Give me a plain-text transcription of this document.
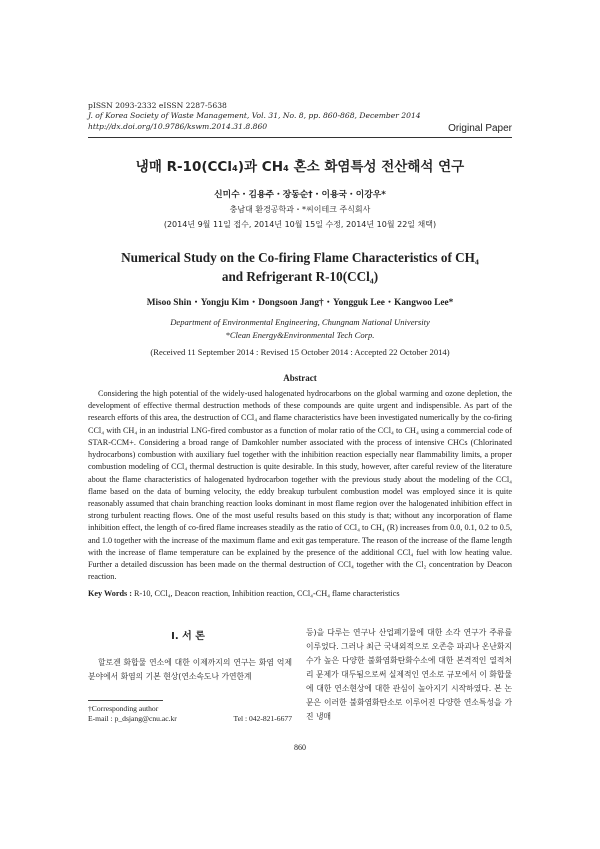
pISSN 2093-2332 eISSN 2287-5638
J. of Korea Society of Waste Management, Vol. 31, No. 8, pp. 860-868, December 2014
http://dx.doi.org/10.9786/kswm.2014.31.8.860	Original Paper
냉매 R-10(CCl₄)과 CH₄ 혼소 화염특성 전산해석 연구
신미수・김용주・장동순†・이용국・이강우*
충남대 환경공학과・*씨이테크 주식회사
(2014년 9월 11일 접수, 2014년 10월 15일 수정, 2014년 10월 22일 채택)
Numerical Study on the Co-firing Flame Characteristics of CH₄
and Refrigerant R-10(CCl₄)
Misoo Shin・Yongju Kim・Dongsoon Jang†・Yongguk Lee・Kangwoo Lee*
Department of Environmental Engineering, Chungnam National University
*Clean Energy&Environmental Tech Corp.
(Received 11 September 2014 : Revised 15 October 2014 : Accepted 22 October 2014)
Abstract

Considering the high potential of the widely-used halogenated hydrocarbons on the global warming and ozone depletion, the development of effective thermal destruction methods of these compounds are quite urgent and indispensible. As part of the research efforts of this area, the destruction of CCl₄ and flame characteristics have been investigated numerically by the co-firing CCl₄ with CH₄ in an industrial LNG-fired combustor as a function of molar ratio of the CCl₄ to CH₄ using a commercial code of STAR-CCM+. Considering a broad range of Damkohler number associated with the process of intensive CHCs (Chlorinated hydrocarbons) combustion with auxiliary fuel together with the inhibition reaction especially near flammability limits, a proper combustion modeling of CCl₄ thermal destruction is quite desirable. In this study, however, after careful review of the literature about the flame characteristics of halogenated hydrocarbon together with the previous study about the modeling of the CCl₄ flame based on the data of burning velocity, the eddy breakup turbulent combustion model was employed since it is quite reasonably assumed that chain branching reaction looks dominant in most flame region over the halogenated inhibition effect in strong turbulent reacting flows. One of the most useful results based on this study is that; without any incorporation of flame inhibition effect, the length of co-fired flame increases steadily as the ratio of CCl₄ to CH₄ (R) increases from 0.0, 0.1, 0.2 to 0.5, and 1.0 together with the increase of the maximum flame and exit gas temperature. The reason of the increase of the flame length with the increase of flame temperature can be explained by the presence of the additional CCl₄ fuel with low heating value. Further a detailed discussion has been made on the thermal destruction of CCl₄ together with the Cl₂ concentration by Deacon reaction.

Key Words : R-10, CCl₄, Deacon reaction, Inhibition reaction, CCl₄-CH₄ flame characteristics
I. 서 론

할로겐 화합물 연소에 대한 이제까지의 연구는 화염 억제 분야에서 화염의 기본 현상(연소속도나 가연한계

등)을 다루는 연구나 산업폐기물에 대한 소각 연구가 주류를 이루었다. 그러나 최근 국내외적으로 오존층 파괴나 온난화지수가 높은 다양한 불화염화탄화수소에 대한 본격적인 열적처리 문제가 대두됨으로써 실제적인 연소로 규모에서 이 화합물에 대한 연소현상에 대한 관심이 높아지기 시작하였다. 본 논문은 이러한 불화염화탄소로 이루어진 다양한 연소특성을 가진 냉매

†Corresponding author
E-mail : p_dsjang@cnu.ac.kr	Tel : 042-821-6677
860
